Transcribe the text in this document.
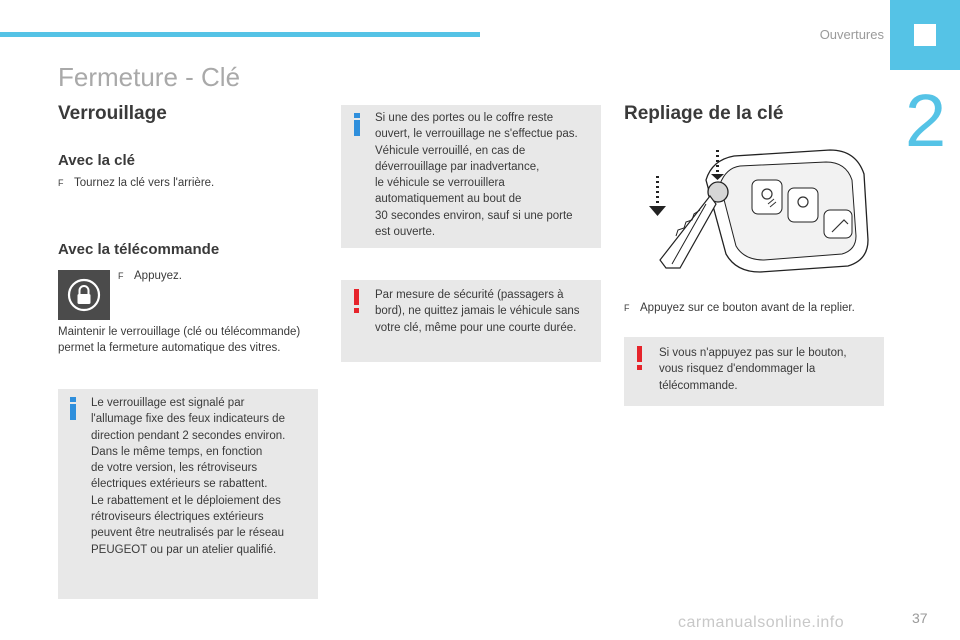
Ouvertures
2
Fermeture - Clé
Verrouillage
Avec la clé
F Tournez la clé vers l'arrière.
Avec la télécommande
F Appuyez.
Maintenir le verrouillage (clé ou télécommande) permet la fermeture automatique des vitres.
Le verrouillage est signalé par
l'allumage fixe des feux indicateurs de
direction pendant 2 secondes environ.
Dans le même temps, en fonction
de votre version, les rétroviseurs
électriques extérieurs se rabattent.
Le rabattement et le déploiement des
rétroviseurs électriques extérieurs
peuvent être neutralisés par le réseau
PEUGEOT ou par un atelier qualifié.
Si une des portes ou le coffre reste
ouvert, le verrouillage ne s'effectue pas.
Véhicule verrouillé, en cas de
déverrouillage par inadvertance,
le véhicule se verrouillera
automatiquement au bout de
30 secondes environ, sauf si une porte
est ouverte.
Par mesure de sécurité (passagers à
bord), ne quittez jamais le véhicule sans
votre clé, même pour une courte durée.
Repliage de la clé
F Appuyez sur ce bouton avant de la replier.
Si vous n'appuyez pas sur le bouton,
vous risquez d'endommager la
télécommande.
carmanualsonline.info	37
